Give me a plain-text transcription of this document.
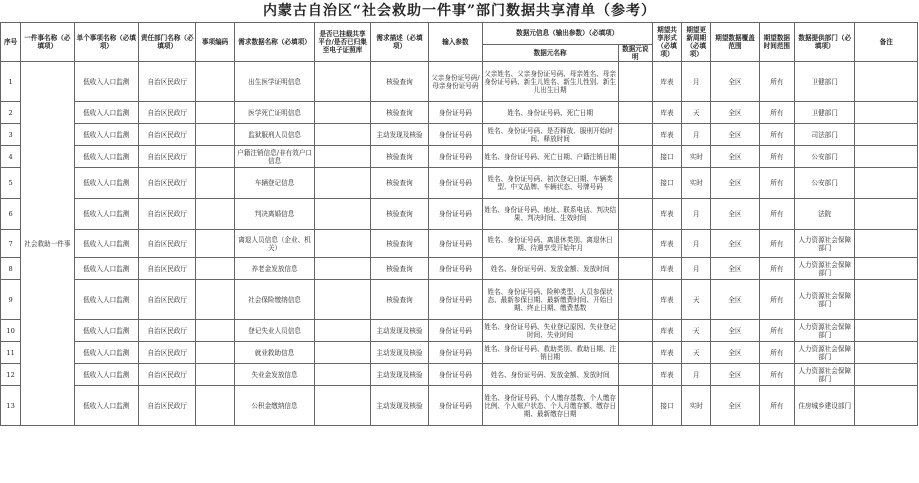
内蒙古自治区“社会救助一件事”部门数据共享清单（参考）
序号	一件事名称（必填项）	单个事项名称（必填项）	责任部门名称（必填项）	事项编码	需求数据名称（必填项）	是否已挂载共享平台/是否已归集至电子证照库	需求描述（必填项）	输入参数	数据元信息（输出参数）（必填项）		期望共享形式（必填项）	期望更新周期（必填项）	期望数据覆盖范围	期望数据时间范围	数据提供部门（必填项）	备注
									数据元名称	数据元说明						
1	社会救助一件事	低收入人口监测	自治区民政厅		出生医学证明信息		核验查询	父亲身份证号码/母亲身份证号码	父亲姓名、父亲身份证号码、母亲姓名、母亲身份证号码、新生儿姓名、新生儿性别、新生儿出生日期		库表	月	全区	所有	卫健部门	
2		低收入人口监测	自治区民政厅		医学死亡证明信息		核验查询	身份证号码	姓名、身份证号码、死亡日期		库表	天	全区	所有	卫健部门	
3		低收入人口监测	自治区民政厅		监狱服刑人员信息		主动发现及核验	身份证号码	姓名、身份证号码、是否释放、服刑开始时间、释放时间		库表	月	全区	所有	司法部门	
4		低收入人口监测	自治区民政厅		户籍注销信息/非有效户口信息		核验查询	身份证号码	姓名、身份证号码、死亡日期、户籍注销日期		接口	实时	全区	所有	公安部门	
5		低收入人口监测	自治区民政厅		车辆登记信息		核验查询	身份证号码	姓名、身份证号码、初次登记日期、车辆类型、中文品牌、车辆状态、号牌号码		接口	实时	全区	所有	公安部门	
6		低收入人口监测	自治区民政厅		判决离婚信息		核验查询	身份证号码	姓名、身份证号码、地址、联系电话、判决结果、判决时间、生效时间		库表	月	全区	所有	法院	
7		低收入人口监测	自治区民政厅		离退人员信息（企业、机关）		核验查询	身份证号码	姓名、身份证号码、离退休类别、离退休日期、待遇享受开始年月		库表	月	全区	所有	人力资源社会保障部门	
8		低收入人口监测	自治区民政厅		养老金发放信息		核验查询	身份证号码	姓名、身份证号码、发放金额、发放时间		库表	月	全区	所有	人力资源社会保障部门	
9		低收入人口监测	自治区民政厅		社会保险缴纳信息		核验查询	身份证号码	姓名、身份证号码、险种类型、人员参保状态、最新参保日期、最新缴费时间、开始日期、终止日期、缴费基数		库表	天	全区	所有	人力资源社会保障部门	
10		低收入人口监测	自治区民政厅		登记失业人员信息		主动发现及核验	身份证号码	姓名、身份证号码、失业登记原因、失业登记时间、失业时间		库表	天	全区	所有	人力资源社会保障部门	
11		低收入人口监测	自治区民政厅		就业救助信息		主动发现及核验	身份证号码	姓名、身份证号码、救助类别、救助日期、注销日期		库表	天	全区	所有	人力资源社会保障部门	
12		低收入人口监测	自治区民政厅		失业金发放信息		主动发现及核验	身份证号码	姓名、身份证号码、发放金额、发放时间		库表	月	全区	所有	人力资源社会保障部门	
13		低收入人口监测	自治区民政厅		公积金缴纳信息		主动发现及核验	身份证号码	姓名、身份证号码、个人缴存基数、个人缴存比例、个人账户状态、个人月缴存额、缴存日期、最新缴存日期		接口	实时	全区	所有	住房城乡建设部门	
